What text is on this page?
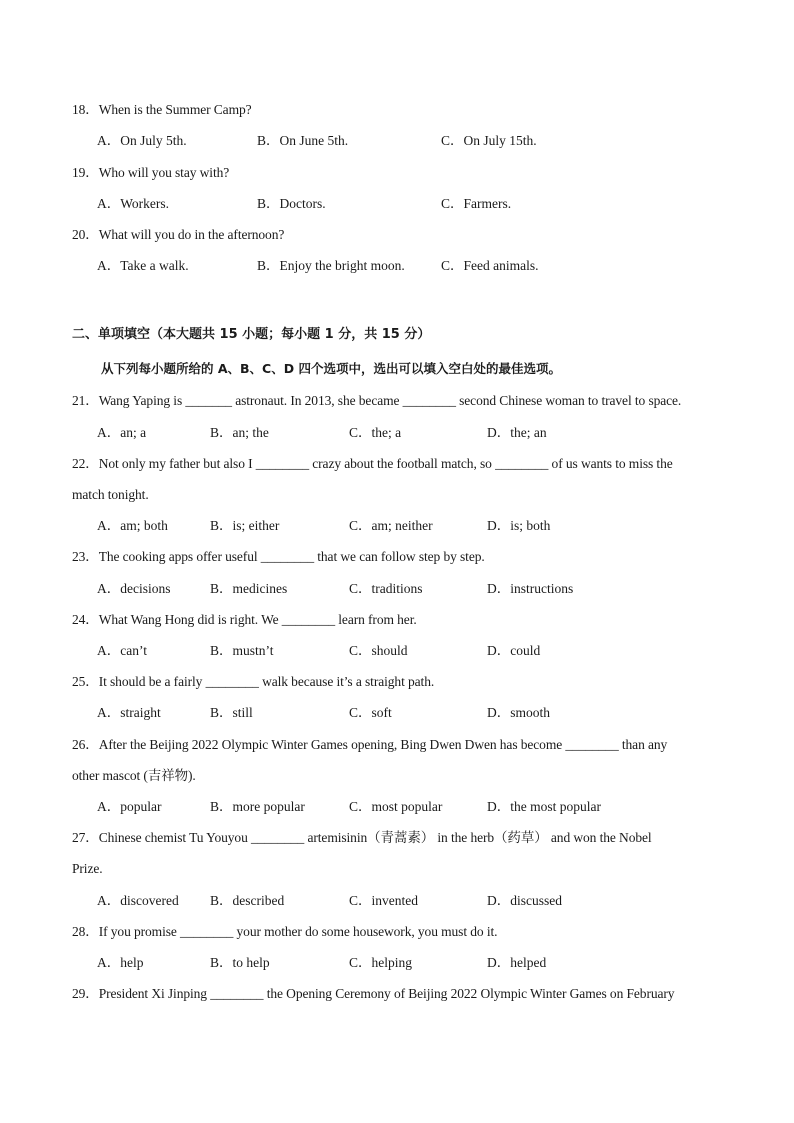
18．When is the Summer Camp?
A．On July 5th.	B．On June 5th.	C．On July 15th.
19．Who will you stay with?
A．Workers.	B．Doctors.	C．Farmers.
20．What will you do in the afternoon?
A．Take a walk.	B．Enjoy the bright moon.	C．Feed animals.
二、单项填空（本大题共 15 小题；每小题 1 分，共 15 分）
从下列每小题所给的 A、B、C、D 四个选项中，选出可以填入空白处的最佳选项。
21．Wang Yaping is _______ astronaut. In 2013, she became ________ second Chinese woman to travel to space.
A．an; a	B．an; the	C．the; a	D．the; an
22．Not only my father but also I ________ crazy about the football match, so ________ of us wants to miss the
match tonight.
A．am; both	B．is; either	C．am; neither	D．is; both
23．The cooking apps offer useful ________ that we can follow step by step.
A．decisions	B．medicines	C．traditions	D．instructions
24．What Wang Hong did is right. We ________ learn from her.
A．can’t	B．mustn’t	C．should	D．could
25．It should be a fairly ________ walk because it’s a straight path.
A．straight	B．still	C．soft	D．smooth
26．After the Beijing 2022 Olympic Winter Games opening, Bing Dwen Dwen has become ________ than any
other mascot (吉祥物).
A．popular	B．more popular	C．most popular	D．the most popular
27．Chinese chemist Tu Youyou ________ artemisinin（青蒿素） in the herb（药草） and won the Nobel
Prize.
A．discovered B．described	C．invented	D．discussed
28．If you promise ________ your mother do some housework, you must do it.
A．help	B．to help	C．helping	D．helped
29．President Xi Jinping ________ the Opening Ceremony of Beijing 2022 Olympic Winter Games on February
